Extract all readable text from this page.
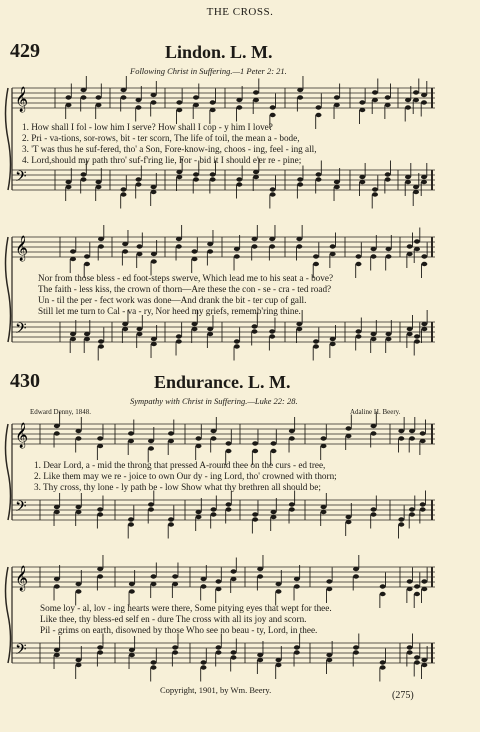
𝄞
𝄢
𝄞
𝄢
𝄞
𝄢
𝄞
𝄢
THE CROSS.
429	Lindon. L. M.
Following Christ in Suffering.—1 Peter 2: 21.
1. How shall I fol - low him I serve? How shall I cop - y him I love?
2. Pri - va-tions, sor-rows, bit - ter scorn, The life of toil, the mean a - bode,
3. 'T was thus he suf-fered, tho' a Son, Fore-know-ing, choos - ing, feel - ing all,
4. Lord,should my path thro' suf-f'ring lie, For - bid it I should e'er re - pine;
Nor from those bless - ed foot-steps swerve, Which lead me to his seat a - bove?
The faith - less kiss, the crown of thorn—Are these the con - se - cra - ted road?
Un - til the per - fect work was done—And drank the bit - ter cup of gall.
Still let me turn to Cal - va - ry, Nor heed my griefs, rememb'ring thine.
430	Endurance. L. M.
Sympathy with Christ in Suffering.—Luke 22: 28.
Edward Denny, 1848.	Adaline H. Beery.
1. Dear Lord, a - mid the throng that pressed A-round thee on the curs - ed tree,
2. Like them may we re - joice to own Our dy - ing Lord, tho' crowned with thorn;
3. Thy cross, thy lone - ly path be - low Show what thy brethren all should be;
Some loy - al, lov - ing hearts were there, Some pitying eyes that wept for thee.
Like thee, thy bless-ed self en - dure The cross with all its joy and scorn.
Pil - grims on earth, disowned by those Who see no beau - ty, Lord, in thee.
Copyright, 1901, by Wm. Beery.	(275)
